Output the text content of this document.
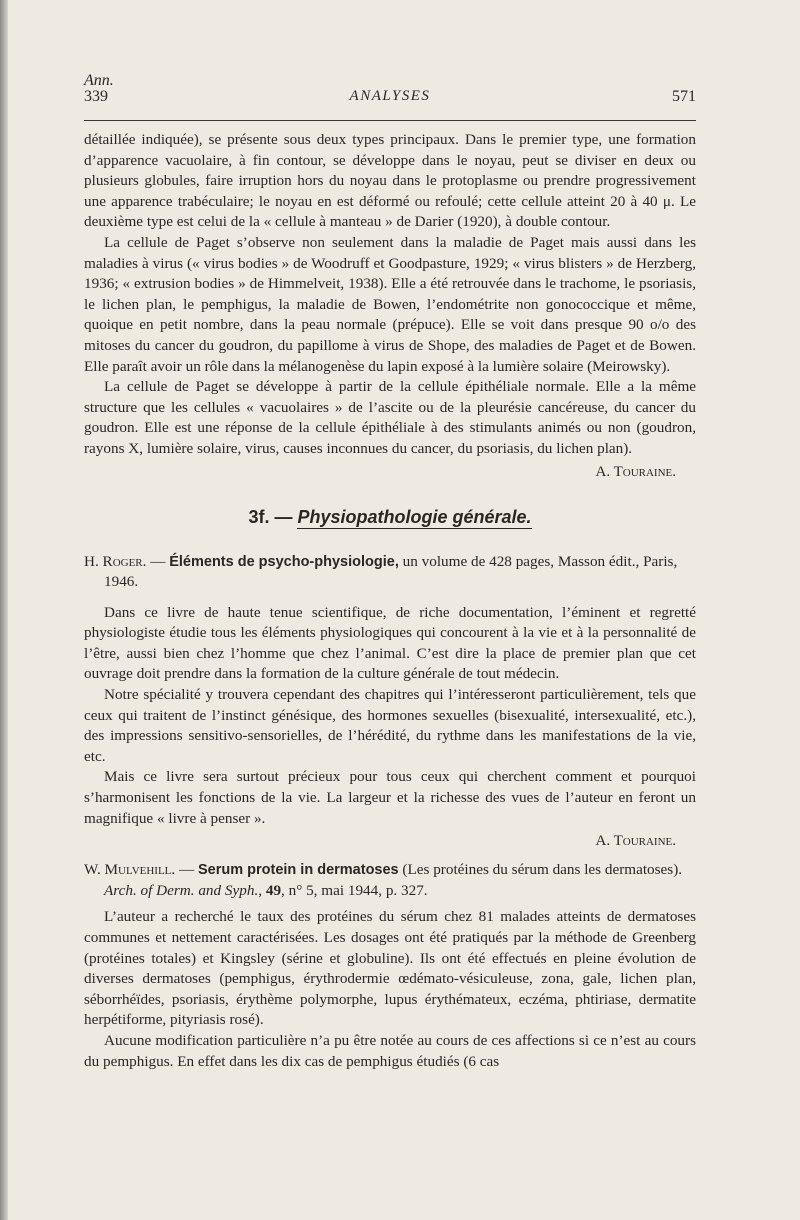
Ann.
339	ANALYSES	571

détaillée indiquée), se présente sous deux types principaux. Dans le premier type, une formation d’apparence vacuolaire, à fin contour, se développe dans le noyau, peut se diviser en deux ou plusieurs globules, faire irruption hors du noyau dans le protoplasme ou prendre progressivement une apparence trabéculaire; le noyau en est déformé ou refoulé; cette cellule atteint 20 à 40 μ. Le deuxième type est celui de la « cellule à manteau » de Darier (1920), à double contour.

La cellule de Paget s’observe non seulement dans la maladie de Paget mais aussi dans les maladies à virus (« virus bodies » de Woodruff et Goodpasture, 1929; « virus blisters » de Herzberg, 1936; « extrusion bodies » de Himmelveit, 1938). Elle a été retrouvée dans le trachome, le psoriasis, le lichen plan, le pemphigus, la maladie de Bowen, l’endométrite non gonococcique et même, quoique en petit nombre, dans la peau normale (prépuce). Elle se voit dans presque 90 o/o des mitoses du cancer du goudron, du papillome à virus de Shope, des maladies de Paget et de Bowen. Elle paraît avoir un rôle dans la mélanogenèse du lapin exposé à la lumière solaire (Meirowsky).

La cellule de Paget se développe à partir de la cellule épithéliale normale. Elle a la même structure que les cellules « vacuolaires » de l’ascite ou de la pleurésie cancéreuse, du cancer du goudron. Elle est une réponse de la cellule épithéliale à des stimulants animés ou non (goudron, rayons X, lumière solaire, virus, causes inconnues du cancer, du psoriasis, du lichen plan).

A. Touraine.
3f. — Physiopathologie générale.
H. Roger. — Éléments de psycho-physiologie, un volume de 428 pages, Masson édit., Paris, 1946.

Dans ce livre de haute tenue scientifique, de riche documentation, l’éminent et regretté physiologiste étudie tous les éléments physiologiques qui concourent à la vie et à la personnalité de l’être, aussi bien chez l’homme que chez l’animal. C’est dire la place de premier plan que cet ouvrage doit prendre dans la formation de la culture générale de tout médecin.

Notre spécialité y trouvera cependant des chapitres qui l’intéresseront particulièrement, tels que ceux qui traitent de l’instinct génésique, des hormones sexuelles (bisexualité, intersexualité, etc.), des impressions sensitivo-sensorielles, de l’hérédité, du rythme dans les manifestations de la vie, etc.

Mais ce livre sera surtout précieux pour tous ceux qui cherchent comment et pourquoi s’harmonisent les fonctions de la vie. La largeur et la richesse des vues de l’auteur en feront un magnifique « livre à penser ».

A. Touraine.
W. Mulvehill. — Serum protein in dermatoses (Les protéines du sérum dans les dermatoses). Arch. of Derm. and Syph., 49, n° 5, mai 1944, p. 327.

L’auteur a recherché le taux des protéines du sérum chez 81 malades atteints de dermatoses communes et nettement caractérisées. Les dosages ont été pratiqués par la méthode de Greenberg (protéines totales) et Kingsley (sérine et globuline). Ils ont été effectués en pleine évolution de diverses dermatoses (pemphigus, érythrodermie œdémato-vésiculeuse, zona, gale, lichen plan, séborrhéïdes, psoriasis, érythème polymorphe, lupus érythémateux, eczéma, phtiriase, dermatite herpétiforme, pityriasis rosé).

Aucune modification particulière n’a pu être notée au cours de ces affections si ce n’est au cours du pemphigus. En effet dans les dix cas de pemphigus étudiés (6 cas
